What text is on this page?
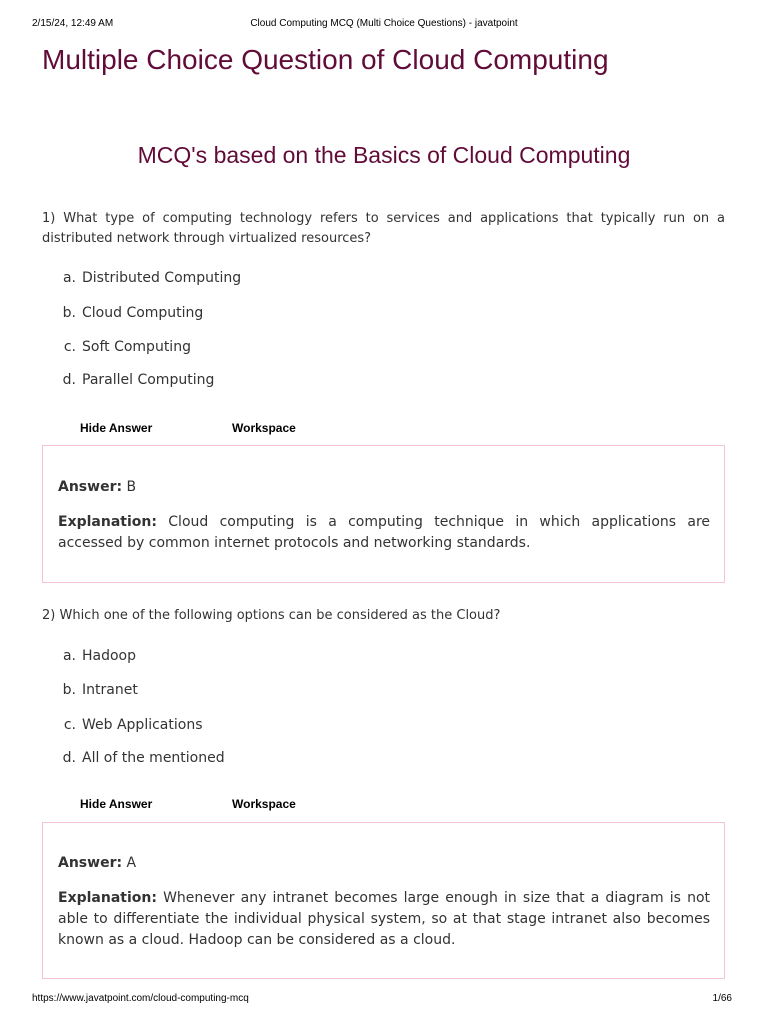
2/15/24, 12:49 AM	Cloud Computing MCQ (Multi Choice Questions) - javatpoint
Multiple Choice Question of Cloud Computing
MCQ's based on the Basics of Cloud Computing

1) What type of computing technology refers to services and applications that typically run on a distributed network through virtualized resources?

a. Distributed Computing
b. Cloud Computing
c. Soft Computing
d. Parallel Computing
Hide Answer	Workspace

Answer: B

Explanation: Cloud computing is a computing technique in which applications are accessed by common internet protocols and networking standards.

2) Which one of the following options can be considered as the Cloud?

a. Hadoop
b. Intranet
c. Web Applications
d. All of the mentioned
Hide Answer	Workspace

Answer: A

Explanation: Whenever any intranet becomes large enough in size that a diagram is not able to differentiate the individual physical system, so at that stage intranet also becomes known as a cloud. Hadoop can be considered as a cloud.

https://www.javatpoint.com/cloud-computing-mcq	1/66
